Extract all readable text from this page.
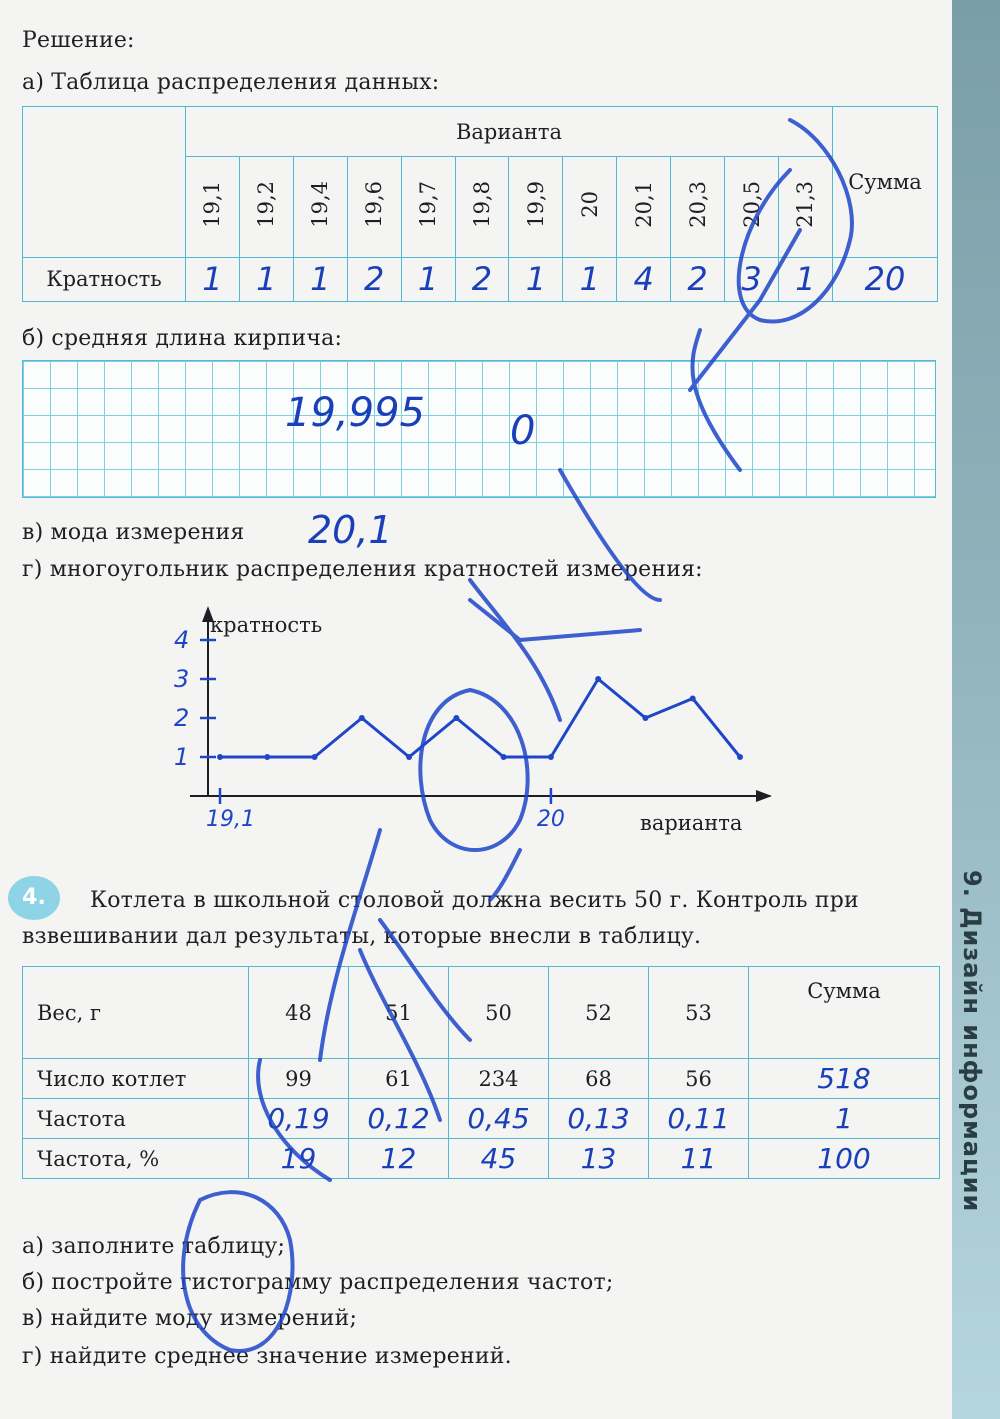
Решение:
а) Таблица распределения данных:
	Варианта												Сумма
	19,1	19,2	19,4	19,6	19,7	19,8	19,9	20	20,1	20,3	20,5	21,3	
Кратность	1	1	1	2	1	2	1	1	4	2	3	1	20
б) средняя длина кирпича:
19,995 0
в) мода измерения 20,1
г) многоугольник распределения кратностей измерения:
кратность
варианта
1
2
3
4
19,1	20
4.	Котлета в школьной столовой должна весить 50 г. Контроль при
взвешивании дал результаты, которые внесли в таблицу.
Вес, г	48	51	50	52	53	Сумма
Число котлет	99	61	234	68	56	518
Частота	0,19	0,12	0,45	0,13	0,11	1
Частота, %	19	12	45	13	11	100
а) заполните таблицу;
б) постройте гистограмму распределения частот;
в) найдите моду измерений;
г) найдите среднее значение измерений.
9. Дизайн информации
